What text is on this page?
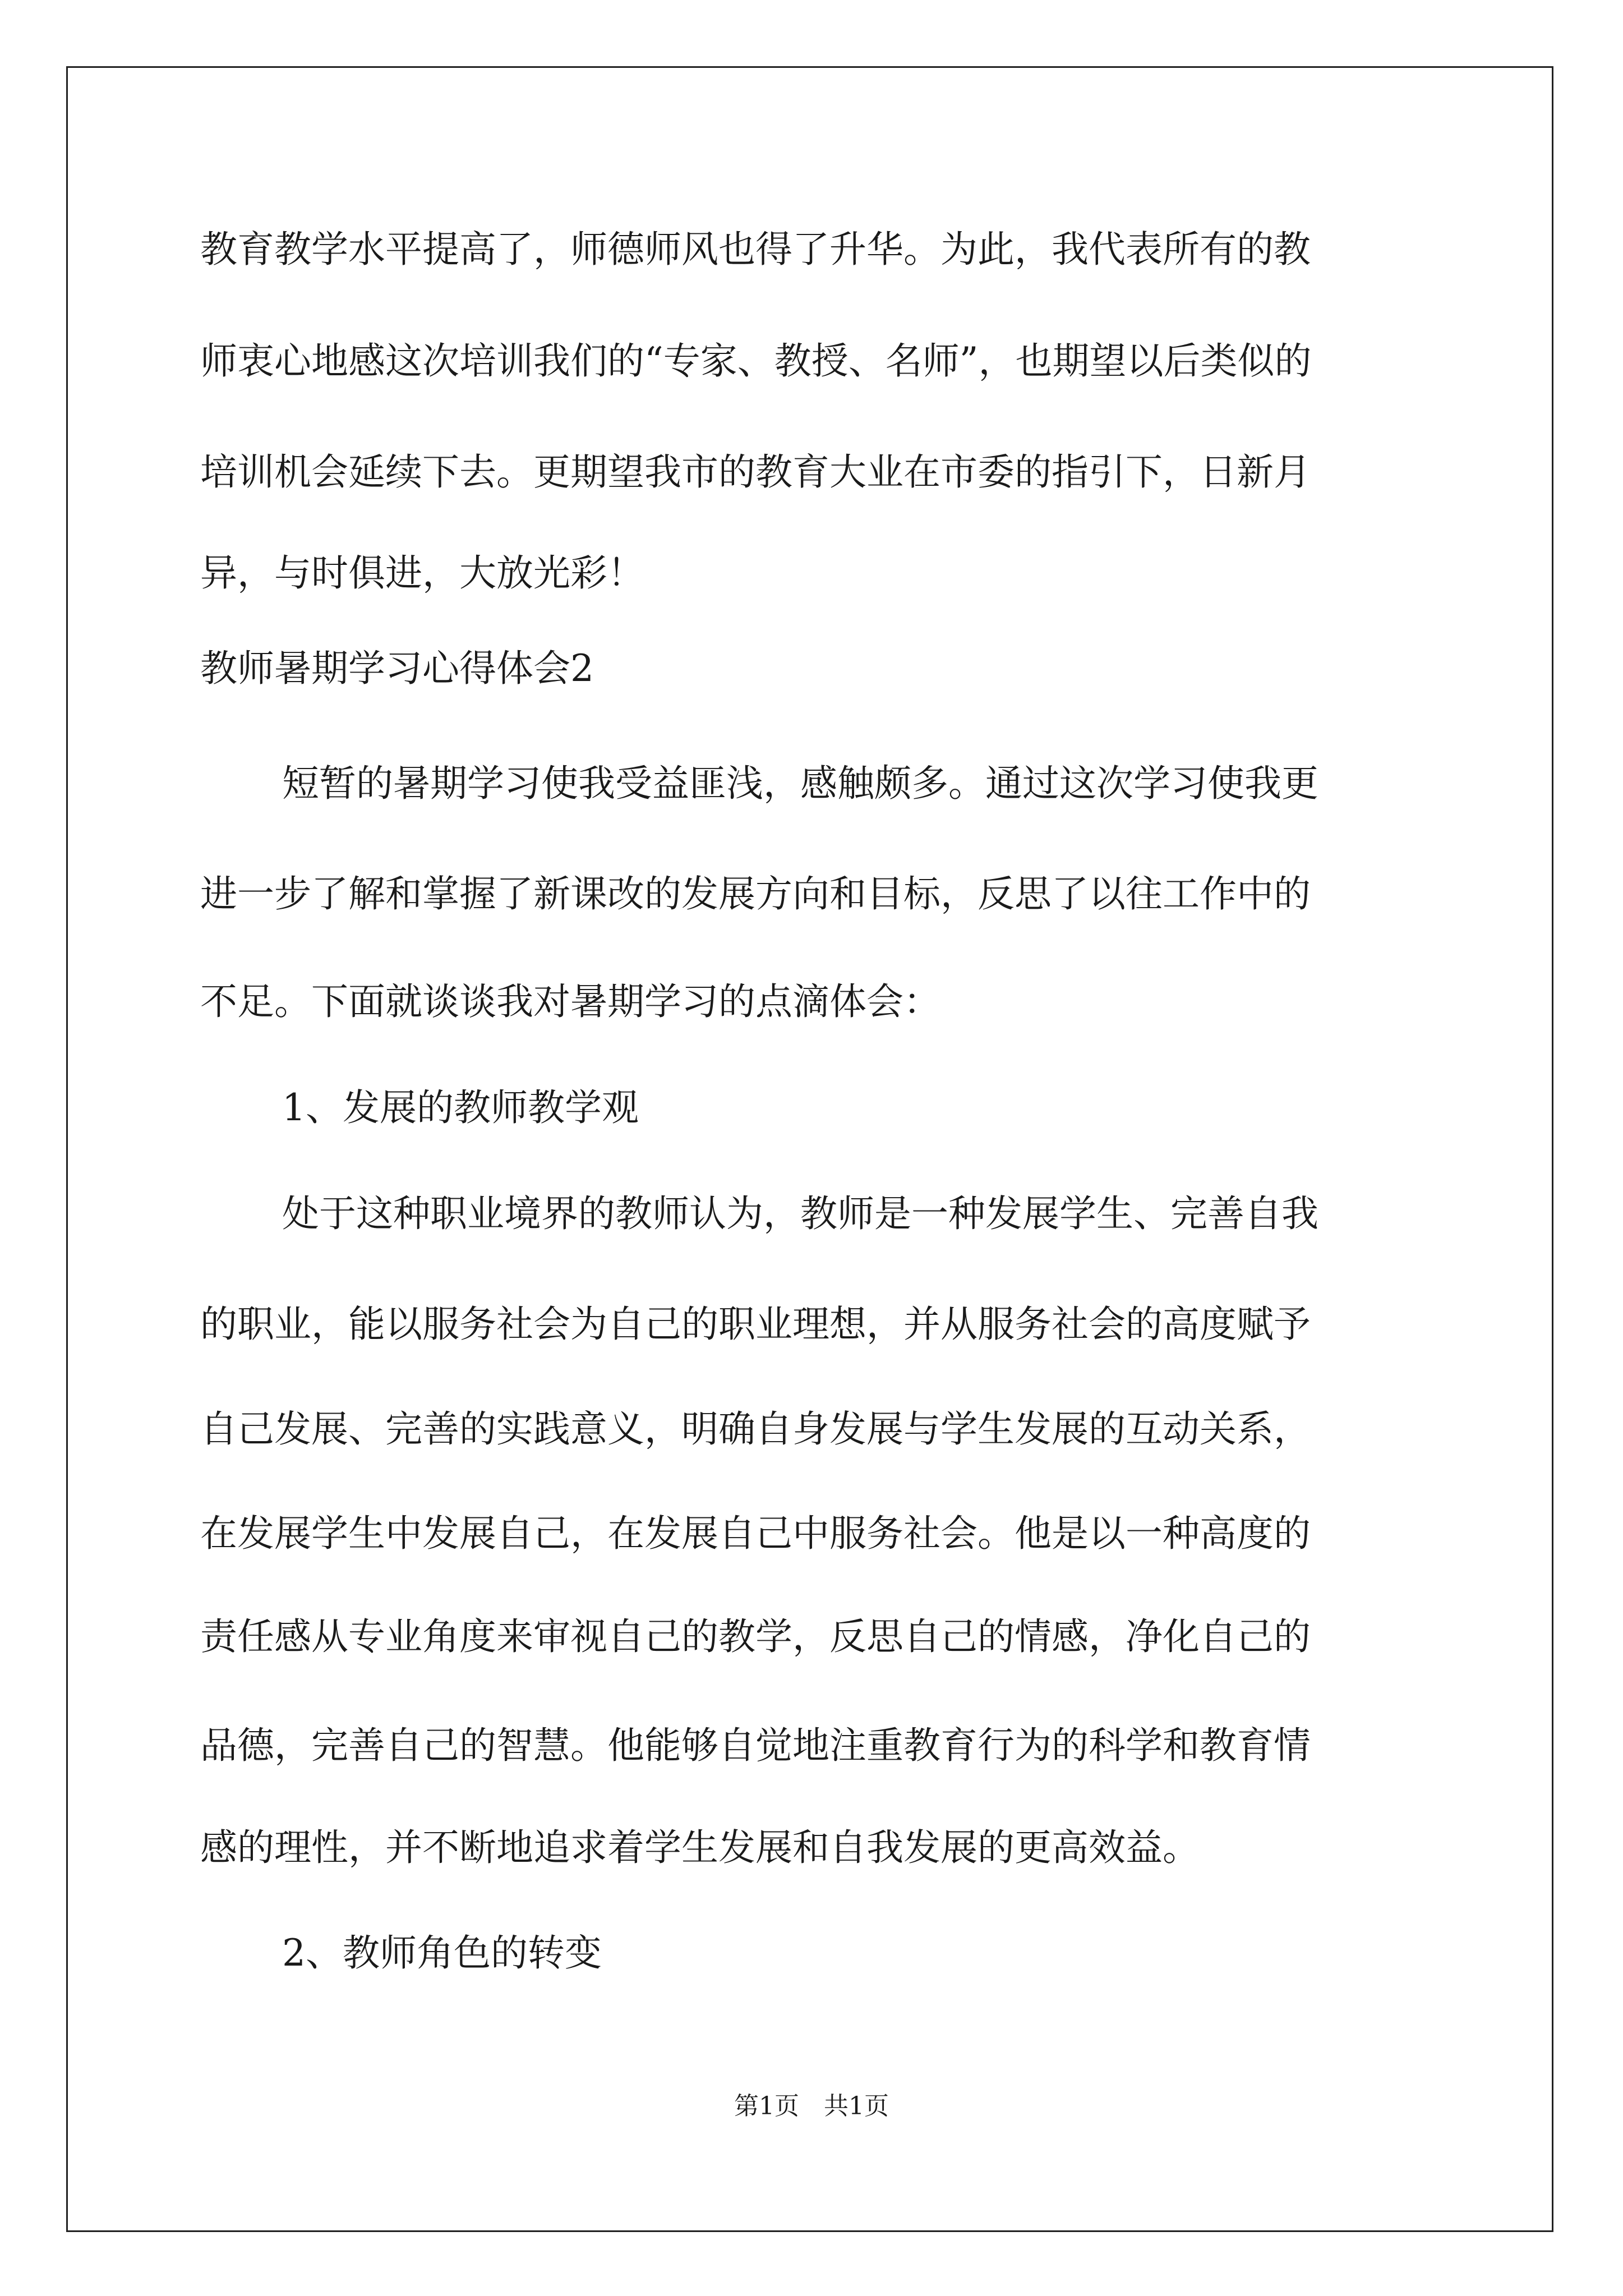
教育教学水平提高了，师德师风也得了升华。为此，我代表所有的教
师衷心地感这次培训我们的“专家、教授、名师”，也期望以后类似的
培训机会延续下去。更期望我市的教育大业在市委的指引下，日新月
异，与时俱进，大放光彩！
教师暑期学习心得体会2
短暂的暑期学习使我受益匪浅，感触颇多。通过这次学习使我更
进一步了解和掌握了新课改的发展方向和目标，反思了以往工作中的
不足。下面就谈谈我对暑期学习的点滴体会：
1、发展的教师教学观
处于这种职业境界的教师认为，教师是一种发展学生、完善自我
的职业，能以服务社会为自己的职业理想，并从服务社会的高度赋予
自己发展、完善的实践意义，明确自身发展与学生发展的互动关系，
在发展学生中发展自己，在发展自己中服务社会。他是以一种高度的
责任感从专业角度来审视自己的教学，反思自己的情感，净化自己的
品德，完善自己的智慧。他能够自觉地注重教育行为的科学和教育情
感的理性，并不断地追求着学生发展和自我发展的更高效益。
2、教师角色的转变
第1页　共1页
